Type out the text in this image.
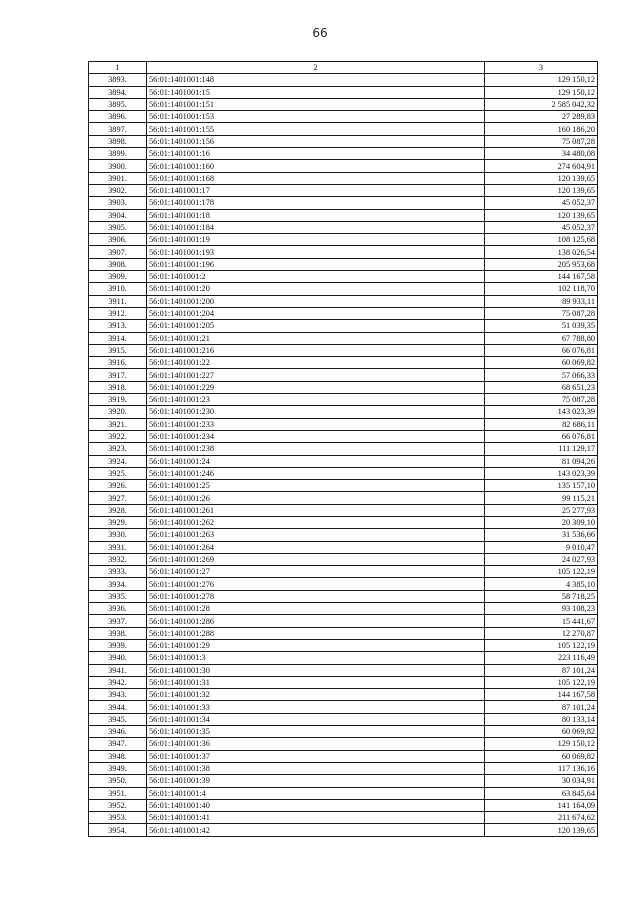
66
1	2	3
3893.	56:01:1401001:148	129 150,12
3894.	56:01:1401001:15	129 150,12
3895.	56:01:1401001:151	2 585 042,32
3896.	56:01:1401001:153	27 289,83
3897.	56:01:1401001:155	160 186,20
3898.	56:01:1401001:156	75 087,28
3899.	56:01:1401001:16	34 480,08
3900.	56:01:1401001:160	274 604,91
3901.	56:01:1401001:168	120 139,65
3902.	56:01:1401001:17	120 139,65
3903.	56:01:1401001:178	45 052,37
3904.	56:01:1401001:18	120 139,65
3905.	56:01:1401001:184	45 052,37
3906.	56:01:1401001:19	108 125,68
3907.	56:01:1401001:193	138 026,54
3908.	56:01:1401001:196	205 953,68
3909.	56:01:1401001:2	144 167,58
3910.	56:01:1401001:20	102 118,70
3911.	56:01:1401001:200	89 933,11
3912.	56:01:1401001:204	75 087,28
3913.	56:01:1401001:205	51 039,35
3914.	56:01:1401001:21	67 788,80
3915.	56:01:1401001:216	66 076,81
3916.	56:01:1401001:22	60 069,82
3917.	56:01:1401001:227	57 066,33
3918.	56:01:1401001:229	68 651,23
3919.	56:01:1401001:23	75 087,28
3920.	56:01:1401001:230	143 023,39
3921.	56:01:1401001:233	82 686,11
3922.	56:01:1401001:234	66 076,81
3923.	56:01:1401001:238	111 129,17
3924.	56:01:1401001:24	81 094,26
3925.	56:01:1401001:246	143 023,39
3926.	56:01:1401001:25	135 157,10
3927.	56:01:1401001:26	99 115,21
3928.	56:01:1401001:261	25 277,93
3929.	56:01:1401001:262	20 309,10
3930.	56:01:1401001:263	31 536,66
3931.	56:01:1401001:264	9 010,47
3932.	56:01:1401001:269	24 027,93
3933.	56:01:1401001:27	105 122,19
3934.	56:01:1401001:276	4 385,10
3935.	56:01:1401001:278	58 718,25
3936.	56:01:1401001:28	93 108,23
3937.	56:01:1401001:286	15 441,67
3938.	56:01:1401001:288	12 270,87
3939.	56:01:1401001:29	105 122,19
3940.	56:01:1401001:3	223 116,49
3941.	56:01:1401001:30	87 101,24
3942.	56:01:1401001:31	105 122,19
3943.	56:01:1401001:32	144 167,58
3944.	56:01:1401001:33	87 101,24
3945.	56:01:1401001:34	80 133,14
3946.	56:01:1401001:35	60 069,82
3947.	56:01:1401001:36	129 150,12
3948.	56:01:1401001:37	60 069,82
3949.	56:01:1401001:38	117 136,16
3950.	56:01:1401001:39	30 034,91
3951.	56:01:1401001:4	63 845,64
3952.	56:01:1401001:40	141 164,09
3953.	56:01:1401001:41	211 674,62
3954.	56:01:1401001:42	120 139,65
